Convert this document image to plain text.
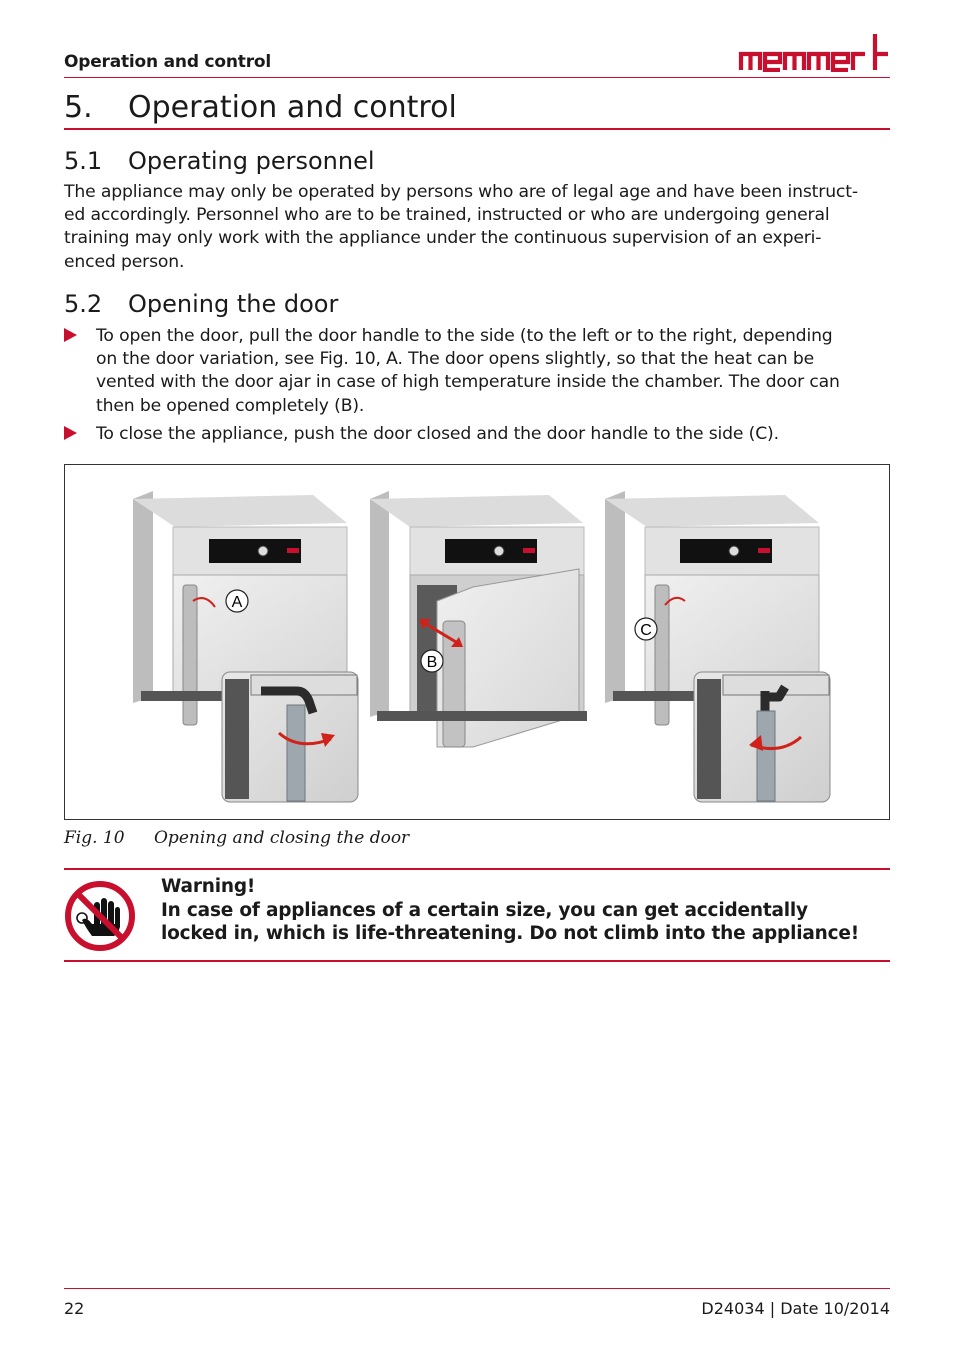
Operation and control
5. Operation and control
5.1 Operating personnel
The appliance may only be operated by persons who are of legal age and have been instruct-
ed accordingly. Personnel who are to be trained, instructed or who are undergoing general
training may only work with the appliance under the continuous supervision of an experi-
enced person.
5.2 Opening the door
To open the door, pull the door handle to the side (to the left or to the right, depending
on the door variation, see Fig. 10, A. The door opens slightly, so that the heat can be
vented with the door ajar in case of high temperature inside the chamber. The door can
then be opened completely (B).
To close the appliance, push the door closed and the door handle to the side (C).
A
B
C
Fig. 10 Opening and closing the door
Warning!
In case of appliances of a certain size, you can get accidentally
locked in, which is life-threatening. Do not climb into the appliance!
22	D24034 | Date 10/2014
